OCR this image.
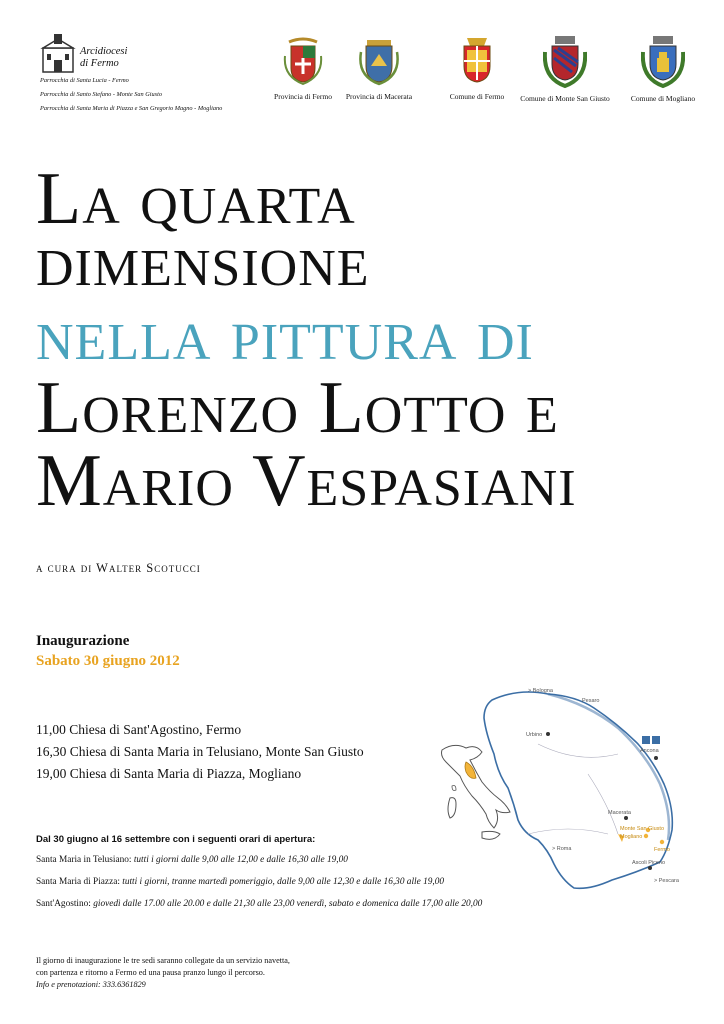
Arcidiocesi
di Fermo
Parrocchia di Santa Lucia - Fermo
Parrocchia di Santo Stefano - Monte San Giusto
Parrocchia di Santa Maria di Piazza e San Gregorio Magno - Mogliano
Provincia di Fermo	Provincia di Macerata	Comune di Fermo	Comune di Monte San Giusto	Comune di Mogliano
La quarta
dimensione
nella pittura di
Lorenzo Lotto e
Mario Vespasiani
a cura di Walter Scotucci
Inaugurazione
Sabato 30 giugno 2012
11,00 Chiesa di Sant'Agostino, Fermo
16,30 Chiesa di Santa Maria in Telusiano, Monte San Giusto
19,00 Chiesa di Santa Maria di Piazza, Mogliano
Dal 30 giugno al 16 settembre con i seguenti orari di apertura:
Santa Maria in Telusiano: tutti i giorni dalle 9,00 alle 12,00 e dalle 16,30 alle 19,00
Santa Maria di Piazza: tutti i giorni, tranne martedì pomeriggio, dalle 9,00 alle 12,30 e dalle 16,30 alle 19,00
Sant'Agostino: giovedì dalle 17.00 alle 20.00 e dalle 21,30 alle 23,00 venerdì, sabato e domenica dalle 17,00 alle 20,00
Il giorno di inaugurazione le tre sedi saranno collegate da un servizio navetta,
con partenza e ritorno a Fermo ed una pausa pranzo lungo il percorso.
Info e prenotazioni: 333.6361829
> Bologna
Pesaro
Urbino
Ancona
Macerata
Monte San Giusto
Mogliano
Fermo
> Roma
Ascoli Piceno
> Pescara
